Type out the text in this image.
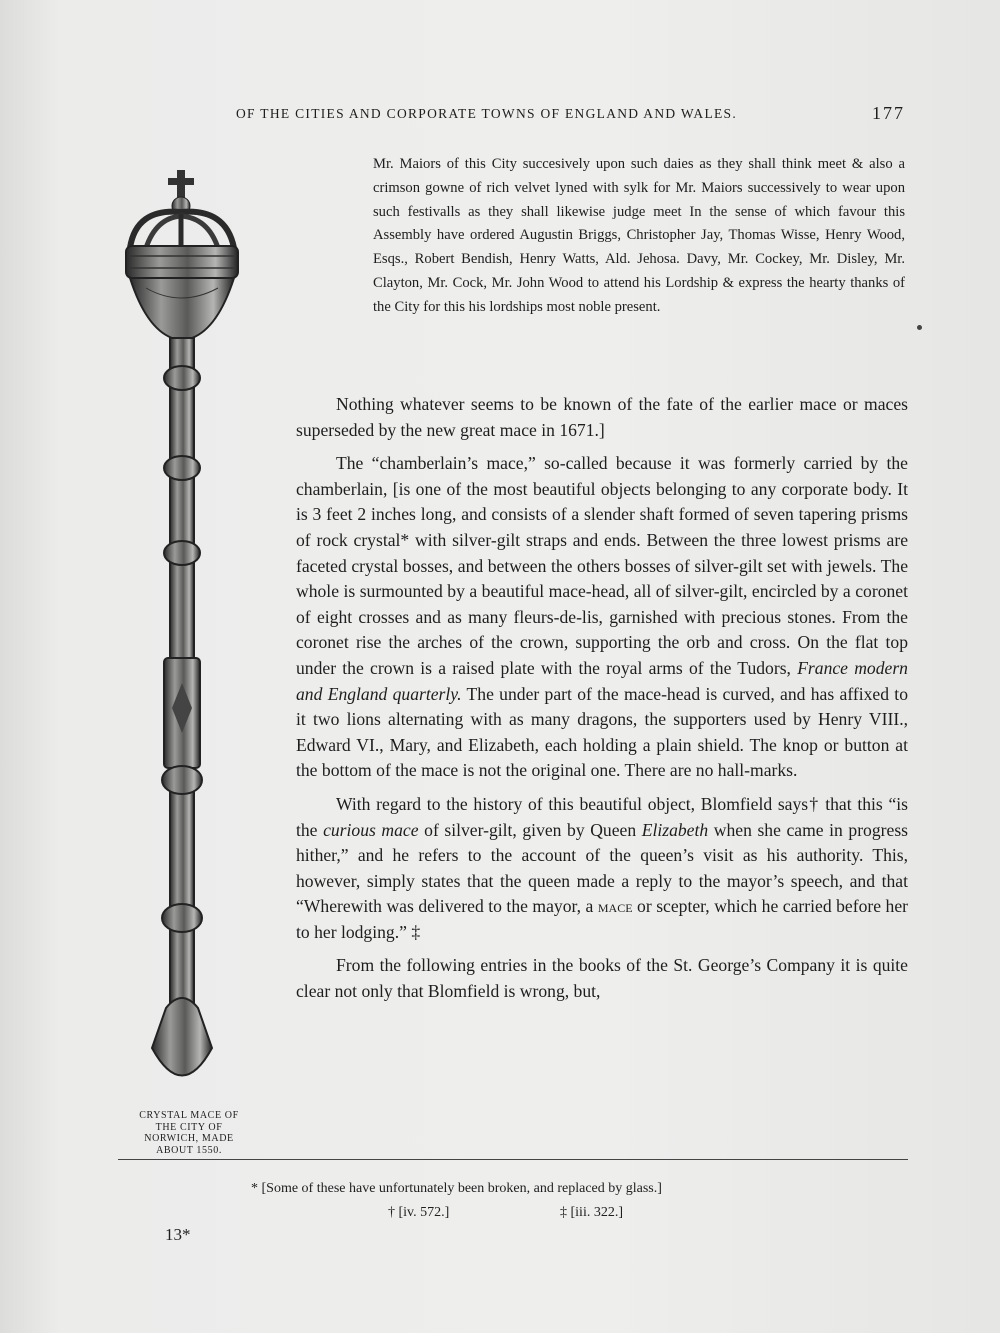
OF THE CITIES AND CORPORATE TOWNS OF ENGLAND AND WALES.	177

Mr. Maiors of this City succesively upon such daies as they shall think meet & also a crimson gowne of rich velvet lyned with sylk for Mr. Maiors successively to wear upon such festivalls as they shall likewise judge meet In the sense of which favour this Assembly have ordered Augustin Briggs, Christopher Jay, Thomas Wisse, Henry Wood, Esqs., Robert Bendish, Henry Watts, Ald. Jehosa. Davy, Mr. Cockey, Mr. Disley, Mr. Clayton, Mr. Cock, Mr. John Wood to attend his Lordship & express the hearty thanks of the City for this his lordships most noble present.

CRYSTAL MACE OF
THE CITY OF
NORWICH, MADE
ABOUT 1550.

Nothing whatever seems to be known of the fate of the earlier mace or maces superseded by the new great mace in 1671.]

The “chamberlain’s mace,” so-called because it was formerly carried by the chamberlain, [is one of the most beautiful objects belonging to any corporate body. It is 3 feet 2 inches long, and consists of a slender shaft formed of seven tapering prisms of rock crystal* with silver-gilt straps and ends. Between the three lowest prisms are faceted crystal bosses, and between the others bosses of silver-gilt set with jewels. The whole is surmounted by a beautiful mace-head, all of silver-gilt, encircled by a coronet of eight crosses and as many fleurs-de-lis, garnished with precious stones. From the coronet rise the arches of the crown, supporting the orb and cross. On the flat top under the crown is a raised plate with the royal arms of the Tudors, France modern and England quarterly. The under part of the mace-head is curved, and has affixed to it two lions alternating with as many dragons, the supporters used by Henry VIII., Edward VI., Mary, and Elizabeth, each holding a plain shield. The knop or button at the bottom of the mace is not the original one. There are no hall-marks.

With regard to the history of this beautiful object, Blomfield says† that this “is the curious mace of silver-gilt, given by Queen Elizabeth when she came in progress hither,” and he refers to the account of the queen’s visit as his authority. This, however, simply states that the queen made a reply to the mayor’s speech, and that “Wherewith was delivered to the mayor, a mace or scepter, which he carried before her to her lodging.” ‡

From the following entries in the books of the St. George’s Company it is quite clear not only that Blomfield is wrong, but,

* [Some of these have unfortunately been broken, and replaced by glass.]
† [iv. 572.]	‡ [iii. 322.]
13*
